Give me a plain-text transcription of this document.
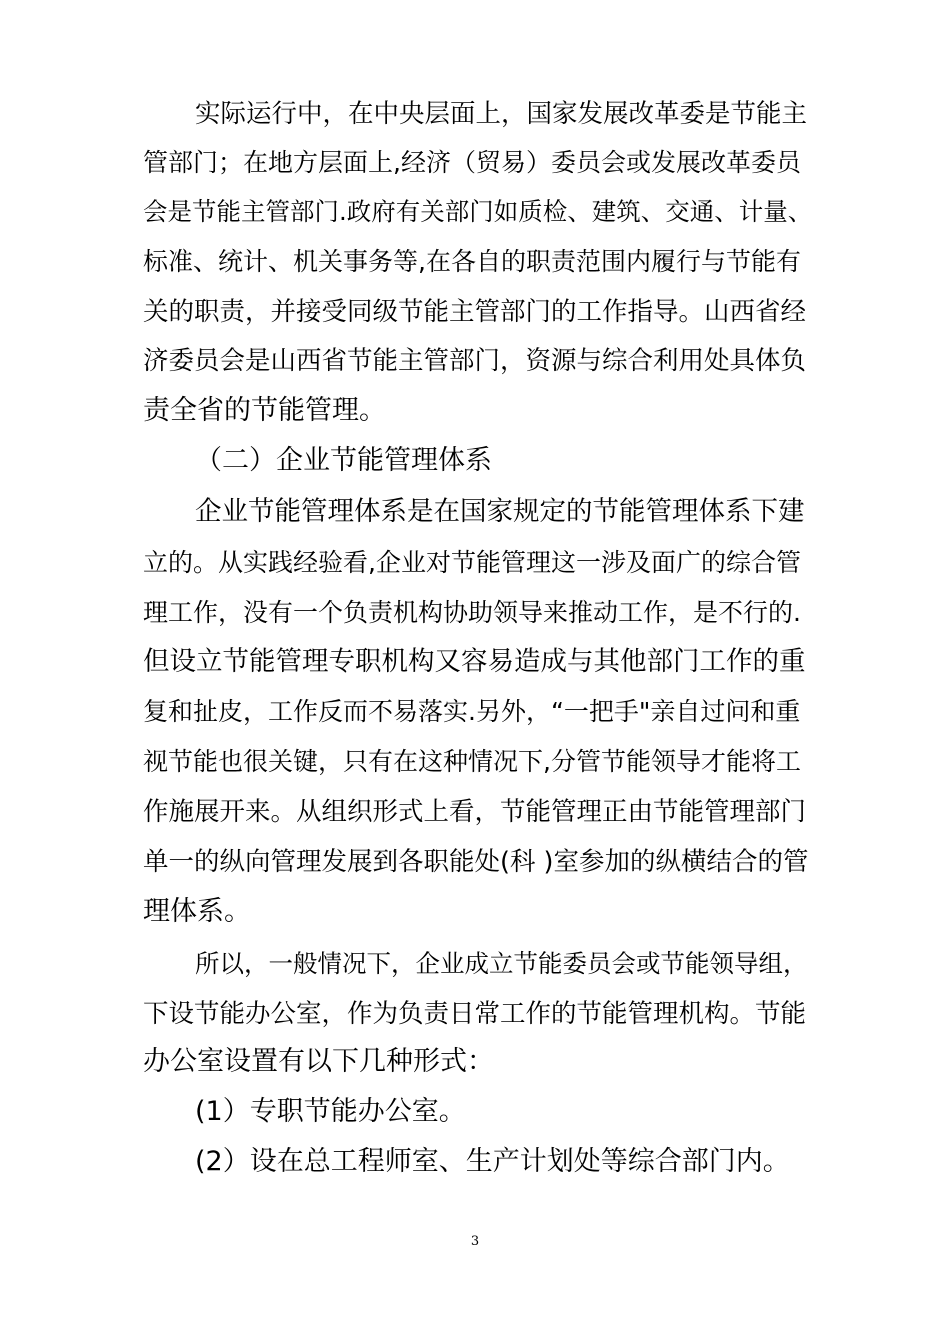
实际运行中，在中央层面上，国家发展改革委是节能主
管部门；在地方层面上,经济（贸易）委员会或发展改革委员
会是节能主管部门.政府有关部门如质检、建筑、交通、计量、
标准、统计、机关事务等,在各自的职责范围内履行与节能有
关的职责，并接受同级节能主管部门的工作指导。山西省经
济委员会是山西省节能主管部门，资源与综合利用处具体负
责全省的节能管理。
（二）企业节能管理体系
企业节能管理体系是在国家规定的节能管理体系下建
立的。从实践经验看,企业对节能管理这一涉及面广的综合管
理工作，没有一个负责机构协助领导来推动工作，是不行的.
但设立节能管理专职机构又容易造成与其他部门工作的重
复和扯皮，工作反而不易落实.另外，“一把手"亲自过问和重
视节能也很关键，只有在这种情况下,分管节能领导才能将工
作施展开来。从组织形式上看，节能管理正由节能管理部门
单一的纵向管理发展到各职能处(科 )室参加的纵横结合的管
理体系。
所以，一般情况下，企业成立节能委员会或节能领导组，
下设节能办公室，作为负责日常工作的节能管理机构。节能
办公室设置有以下几种形式：
(1）专职节能办公室。
(2）设在总工程师室、生产计划处等综合部门内。
3
